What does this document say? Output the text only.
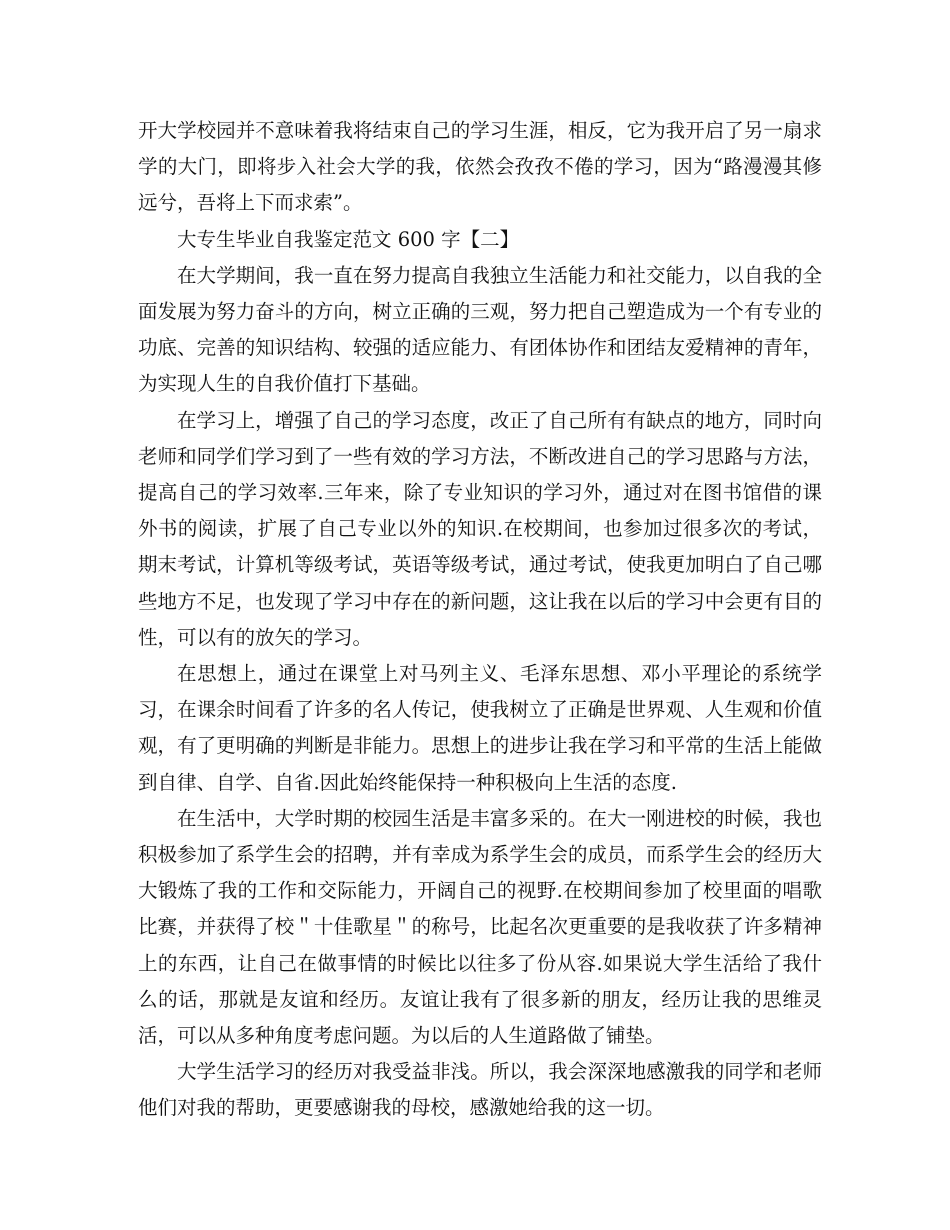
开大学校园并不意味着我将结束自己的学习生涯，相反，它为我开启了另一扇求学的大门，即将步入社会大学的我，依然会孜孜不倦的学习，因为“路漫漫其修远兮，吾将上下而求索”。

大专生毕业自我鉴定范文 600 字【二】

在大学期间，我一直在努力提高自我独立生活能力和社交能力，以自我的全面发展为努力奋斗的方向，树立正确的三观，努力把自己塑造成为一个有专业的功底、完善的知识结构、较强的适应能力、有团体协作和团结友爱精神的青年，为实现人生的自我价值打下基础。

在学习上，增强了自己的学习态度，改正了自己所有有缺点的地方，同时向老师和同学们学习到了一些有效的学习方法，不断改进自己的学习思路与方法，提高自己的学习效率.三年来，除了专业知识的学习外，通过对在图书馆借的课外书的阅读，扩展了自己专业以外的知识.在校期间，也参加过很多次的考试，期末考试，计算机等级考试，英语等级考试，通过考试，使我更加明白了自己哪些地方不足，也发现了学习中存在的新问题，这让我在以后的学习中会更有目的性，可以有的放矢的学习。

在思想上，通过在课堂上对马列主义、毛泽东思想、邓小平理论的系统学习，在课余时间看了许多的名人传记，使我树立了正确是世界观、人生观和价值观，有了更明确的判断是非能力。思想上的进步让我在学习和平常的生活上能做到自律、自学、自省.因此始终能保持一种积极向上生活的态度.

在生活中，大学时期的校园生活是丰富多采的。在大一刚进校的时候，我也积极参加了系学生会的招聘，并有幸成为系学生会的成员，而系学生会的经历大大锻炼了我的工作和交际能力，开阔自己的视野.在校期间参加了校里面的唱歌比赛，并获得了校＂十佳歌星＂的称号，比起名次更重要的是我收获了许多精神上的东西，让自己在做事情的时候比以往多了份从容.如果说大学生活给了我什么的话，那就是友谊和经历。友谊让我有了很多新的朋友，经历让我的思维灵活，可以从多种角度考虑问题。为以后的人生道路做了铺垫。

大学生活学习的经历对我受益非浅。所以，我会深深地感激我的同学和老师他们对我的帮助，更要感谢我的母校，感激她给我的这一切。
